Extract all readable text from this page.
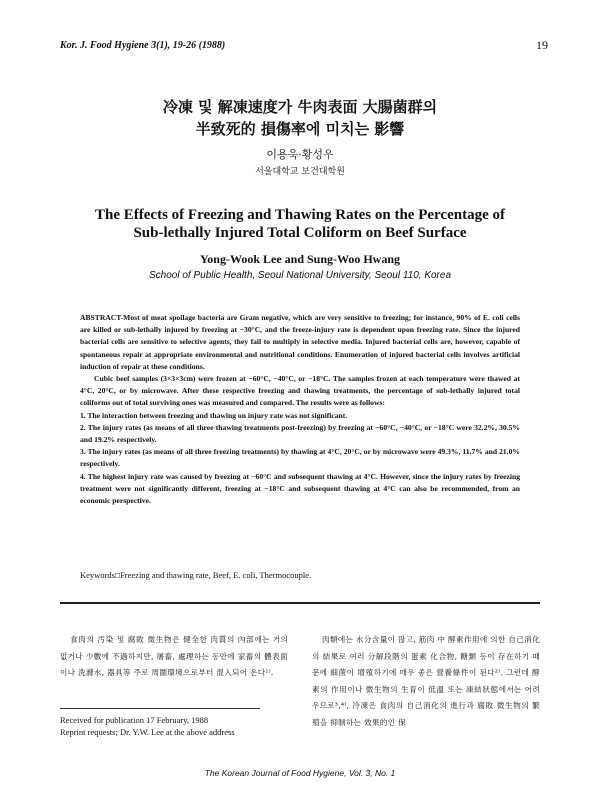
Kor. J. Food Hygiene 3(1), 19-26 (1988)	19
冷凍 및 解凍速度가 牛肉表面 大腸菌群의
半致死的 損傷率에 미치는 影響
이용욱·황성우
서울대학교 보건대학원
The Effects of Freezing and Thawing Rates on the Percentage of
Sub-lethally Injured Total Coliform on Beef Surface
Yong-Wook Lee and Sung-Woo Hwang
School of Public Health, Seoul National University, Seoul 110, Korea

ABSTRACT-Most of meat spoilage bacteria are Gram negative, which are very sensitive to freezing; for instance, 90% of E. coli cells are killed or sub-lethally injured by freezing at −30°C, and the freeze-injury rate is dependent upon freezing rate. Since the injured bacterial cells are sensitive to selective agents, they fail to multiply in selective media. Injured bacterial cells are, however, capable of spontaneous repair at appropriate environmental and nutritional conditions. Enumeration of injured bacterial cells involves artificial induction of repair at these conditions.

Cubic beef samples (3×3×3cm) were frozen at −60°C, −40°C, or −18°C. The samples frozen at each temperature were thawed at 4°C, 20°C, or by microwave. After these respective freezing and thawing treatments, the percentage of sub-lethally injured total coliforms out of total surviving ones was measured and compared. The results were as follows:

1. The interaction between freezing and thawing on injury rate was not significant.
2. The injury rates (as means of all three thawing treatments post-freezing) by freezing at −60°C, −40°C, or −18°C were 32.2%, 30.5% and 19.2% respectively.
3. The injury rates (as means of all three freezing treatments) by thawing at 4°C, 20°C, or by microwave were 49.3%, 11.7% and 21.0% respectively.
4. The highest injury rate was caused by freezing at −60°C and subsequent thawing at 4°C. However, since the injury rates by freezing treatment were not significantly different, freezing at −18°C and subsequent thawing at 4°C can also be recommended, from an economic perspective.
Keywords□Freezing and thawing rate, Beef, E. coli, Thermocouple.

食肉의 汚染 및 腐敗 微生物은 健全한 肉質의 內部에는 거의 없거나 少數에 不過하지만, 屠畜, 處理하는 동안에 家畜의 體表面이나 洗滌水, 器具等 주로 周圍環境으로부터 混入되어 온다¹⁾.

肉類에는 水分含量이 많고, 筋肉 中 酵素作用에 의한 自己消化의 結果로 여러 分解段階의 蛋素 化合物, 糖類 등이 存在하기 때문에 細菌이 增殖하기에 매우 좋은 營養條件이 된다²⁾. 그런데 酵素의 作用이나 微生物의 生育이 低溫 또는 凍結狀態에서는 어려우므로³,⁴⁾, 冷凍은 食肉의 自己消化의 進行과 腐敗 微生物의 繁殖을 抑制하는 效果的인 保

Received for publication 17 February, 1988
Reprint requests; Dr. Y.W. Lee at the above address
The Korean Journal of Food Hygiene, Vol. 3, No. 1
